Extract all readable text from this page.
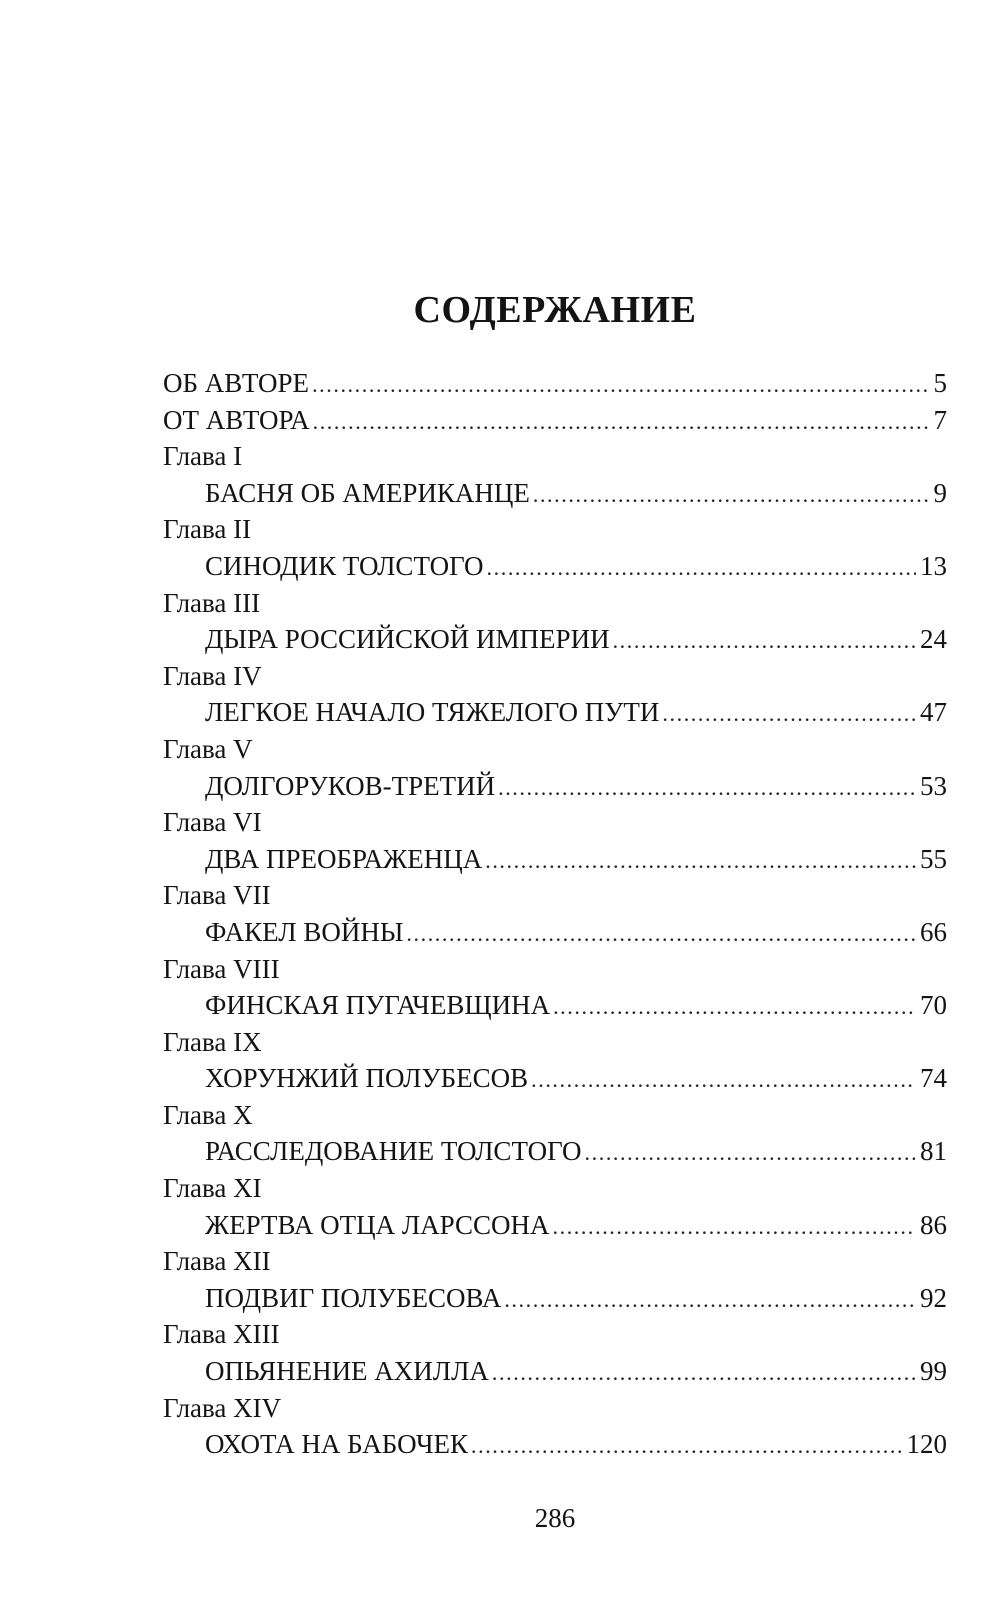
СОДЕРЖАНИЕ
ОБ АВТОРЕ .....	5
ОТ АВТОРА .....	7
Глава I
БАСНЯ ОБ АМЕРИКАНЦЕ .....	9
Глава II
СИНОДИК ТОЛСТОГО .....	13
Глава III
ДЫРА РОССИЙСКОЙ ИМПЕРИИ .....	24
Глава IV
ЛЕГКОЕ НАЧАЛО ТЯЖЕЛОГО ПУТИ .....	47
Глава V
ДОЛГОРУКОВ-ТРЕТИЙ .....	53
Глава VI
ДВА ПРЕОБРАЖЕНЦА .....	55
Глава VII
ФАКЕЛ ВОЙНЫ .....	66
Глава VIII
ФИНСКАЯ ПУГАЧЕВЩИНА .....	70
Глава IX
ХОРУНЖИЙ ПОЛУБЕСОВ .....	74
Глава X
РАССЛЕДОВАНИЕ ТОЛСТОГО .....	81
Глава XI
ЖЕРТВА ОТЦА ЛАРССОНА .....	86
Глава XII
ПОДВИГ ПОЛУБЕСОВА .....	92
Глава XIII
ОПЬЯНЕНИЕ АХИЛЛА .....	99
Глава XIV
ОХОТА НА БАБОЧЕК .....	120
286
